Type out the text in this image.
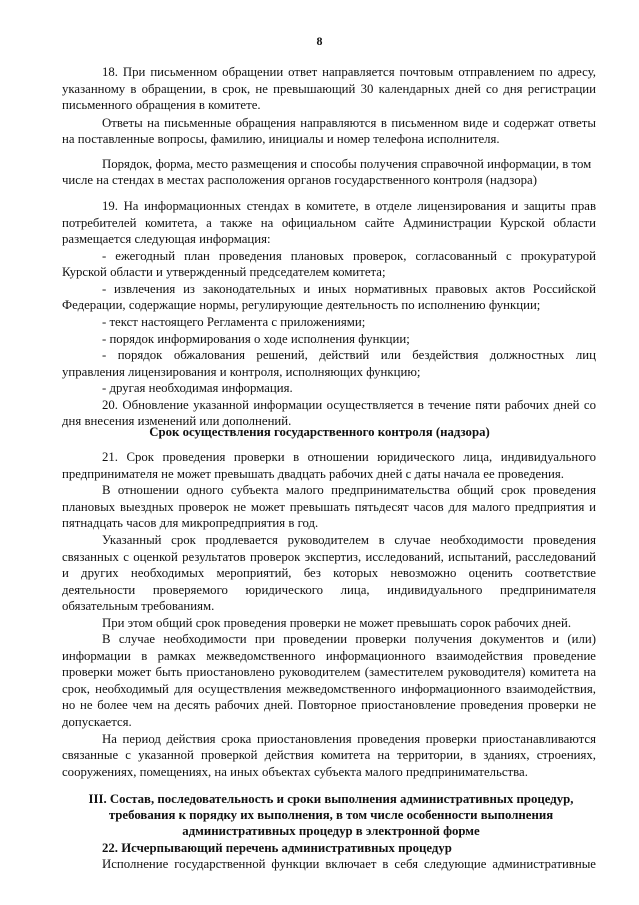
8

18. При письменном обращении ответ направляется почтовым отправлением по адресу,

указанному в обращении, в срок, не превышающий 30 календарных дней со дня регистрации

письменного обращения в комитете.

Ответы на письменные обращения направляются в письменном виде и содержат ответы

на поставленные вопросы, фамилию, инициалы и номер телефона исполнителя.

Порядок, форма, место размещения и способы получения справочной информации, в том

числе на стендах в местах расположения органов государственного контроля (надзора)

19. На информационных стендах в комитете, в отделе лицензирования и защиты прав

потребителей комитета, а также на официальном сайте Администрации Курской области

размещается следующая информация:

- ежегодный план проведения плановых проверок, согласованный с прокуратурой

Курской области и утвержденный председателем комитета;

- извлечения из законодательных и иных нормативных правовых актов Российской

Федерации, содержащие нормы, регулирующие деятельность по исполнению функции;

- текст настоящего Регламента с приложениями;

- порядок информирования о ходе исполнения функции;

- порядок обжалования решений, действий или бездействия должностных лиц

управления лицензирования и контроля, исполняющих функцию;

- другая необходимая информация.

20. Обновление указанной информации осуществляется в течение пяти рабочих дней со

дня внесения изменений или дополнений.

Срок осуществления государственного контроля (надзора)

21. Срок проведения проверки в отношении юридического лица, индивидуального

предпринимателя не может превышать двадцать рабочих дней с даты начала ее проведения.

В отношении одного субъекта малого предпринимательства общий срок проведения

плановых выездных проверок не может превышать пятьдесят часов для малого предприятия и

пятнадцать часов для микропредприятия в год.

Указанный срок продлевается руководителем в случае необходимости проведения

связанных с оценкой результатов проверок экспертиз, исследований, испытаний, расследований

и других необходимых мероприятий, без которых невозможно оценить соответствие

деятельности проверяемого юридического лица, индивидуального предпринимателя

обязательным требованиям.

При этом общий срок проведения проверки не может превышать сорок рабочих дней.

В случае необходимости при проведении проверки получения документов и (или)

информации в рамках межведомственного информационного взаимодействия проведение

проверки может быть приостановлено руководителем (заместителем руководителя) комитета на

срок, необходимый для осуществления межведомственного информационного взаимодействия,

но не более чем на десять рабочих дней. Повторное приостановление проведения проверки не

допускается.

На период действия срока приостановления проведения проверки приостанавливаются

связанные с указанной проверкой действия комитета на территории, в зданиях, строениях,

сооружениях, помещениях, на иных объектах субъекта малого предпринимательства.

III. Состав, последовательность и сроки выполнения административных процедур,

требования к порядку их выполнения, в том числе особенности выполнения

административных процедур в электронной форме

22. Исчерпывающий перечень административных процедур

Исполнение государственной функции включает в себя следующие административные
